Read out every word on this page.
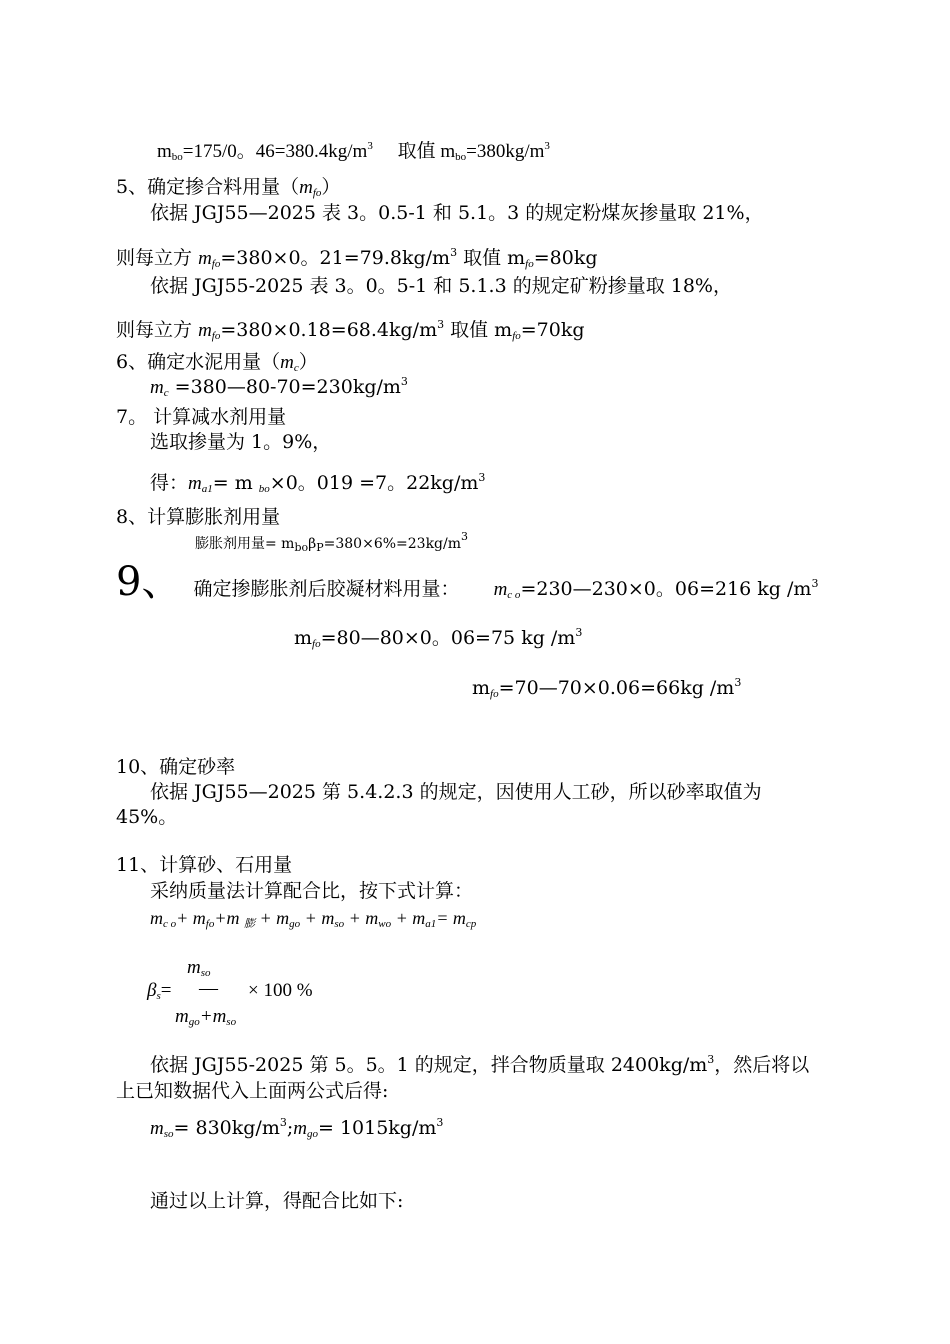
$m_{bo}=175/0$。$46=380.4kg/m^3$ 取值 $m_{bo}=380kg/m^3$
5、确定掺合料用量$(m_{fo})$
依据 JGJ55—2025 表 3。0.5-1 和 5.1。3 的规定粉煤灰掺量取 21%，
则每立方 $m_{fo}=380\times 0$。$21=79.8kg/m^3$ 取值 $m_{fo}=80kg$
依据 JGJ55-2025 表 3。0。5-1 和 5.1.3 的规定矿粉掺量取 18%，
则每立方 $m_{fo}=380\times 0.18=68.4kg/m^3$ 取值 $m_{fo}=70kg$
6、确定水泥用量$(m_c)$
$m_c$ $=380—80-70=230kg/m^3$
7。 计算减水剂用量
选取掺量为 1。9%，
得：$m_{a1}= m$ $_{bo}$×0。019 =7。$22kg/m^3$
8、计算膨胀剂用量
膨胀剂用量= $m_{bo}\beta_P=380\times 6\%=23kg/m^3$
9、 确定掺膨胀剂后胶凝材料用量： $m_{c o}=230—230\times 0$。06=216 kg $/m^3$
$m_{fo}=80—80\times 0$。06=75 kg $/m^3$
$m_{fo}=70—70\times 0.06=66kg$ $/m^3$
10、确定砂率
依据 JGJ55—2025 第 5.4.2.3 的规定，因使用人工砂，所以砂率取值为
45%。
11、计算砂、石用量
采纳质量法计算配合比，按下式计算：
$m_{c o}+ m_{fo}+m$ $_膨 + m_{go} + m_{so} + m_{wo} + m_{a1}= m_{cp}$
$m_{so}$
$\beta_s=$ — × 100 %
$m_{go}+m_{so}$
依据 JGJ55-2025 第 5。5。1 的规定，拌合物质量取 $2400kg/m^3$，然后将以
上已知数据代入上面两公式后得:
$m_{so}=$ $830kg/m^3;m_{go}= 1015kg/m^3$
通过以上计算，得配合比如下:
